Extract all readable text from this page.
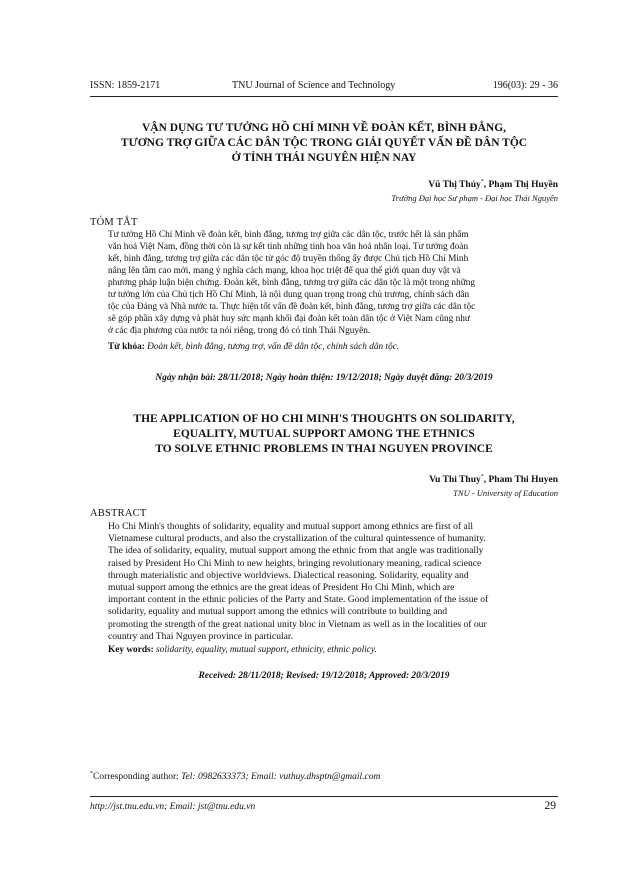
ISSN: 1859-2171	TNU Journal of Science and Technology	196(03): 29 - 36
VẬN DỤNG TƯ TƯỞNG HỒ CHÍ MINH VỀ ĐOÀN KẾT, BÌNH ĐẲNG,
TƯƠNG TRỢ GIỮA CÁC DÂN TỘC TRONG GIẢI QUYẾT VẤN ĐỀ DÂN TỘC
Ở TỈNH THÁI NGUYÊN HIỆN NAY
Vũ Thị Thúy*, Phạm Thị Huyền
Trường Đại học Sư phạm - Đại học Thái Nguyên
TÓM TẮT
Tư tưởng Hồ Chí Minh về đoàn kết, bình đẳng, tương trợ giữa các dân tộc, trước hết là sản phẩm
văn hoá Việt Nam, đồng thời còn là sự kết tinh những tinh hoa văn hoá nhân loại. Tư tưởng đoàn
kết, bình đẳng, tương trợ giữa các dân tộc từ góc độ truyền thống ấy được Chủ tịch Hồ Chí Minh
nâng lên tầm cao mới, mang ý nghĩa cách mạng, khoa học triệt để qua thế giới quan duy vật và
phương pháp luận biện chứng. Đoàn kết, bình đẳng, tương trợ giữa các dân tộc là một trong những
tư tưởng lớn của Chủ tịch Hồ Chí Minh, là nội dung quan trọng trong chủ trương, chính sách dân
tộc của Đảng và Nhà nước ta. Thực hiện tốt vấn đề đoàn kết, bình đẳng, tương trợ giữa các dân tộc
sẽ góp phần xây dựng và phát huy sức mạnh khối đại đoàn kết toàn dân tộc ở Việt Nam cũng như
ở các địa phương của nước ta nói riêng, trong đó có tỉnh Thái Nguyên.
Từ khóa: Đoàn kết, bình đẳng, tương trợ, vấn đề dân tộc, chính sách dân tộc.
Ngày nhận bài: 28/11/2018; Ngày hoàn thiện: 19/12/2018; Ngày duyệt đăng: 20/3/2019
THE APPLICATION OF HO CHI MINH'S THOUGHTS ON SOLIDARITY,
EQUALITY, MUTUAL SUPPORT AMONG THE ETHNICS
TO SOLVE ETHNIC PROBLEMS IN THAI NGUYEN PROVINCE
Vu Thi Thuy*, Pham Thi Huyen
TNU - University of Education
ABSTRACT
Ho Chi Minh's thoughts of solidarity, equality and mutual support among ethnics are first of all
Vietnamese cultural products, and also the crystallization of the cultural quintessence of humanity.
The idea of solidarity, equality, mutual support among the ethnic from that angle was traditionally
raised by President Ho Chi Minh to new heights, bringing revolutionary meaning, radical science
through materialistic and objective worldviews. Dialectical reasoning. Solidarity, equality and
mutual support among the ethnics are the great ideas of President Ho Chi Minh, which are
important content in the ethnic policies of the Party and State. Good implementation of the issue of
solidarity, equality and mutual support among the ethnics will contribute to building and
promoting the strength of the great national unity bloc in Vietnam as well as in the localities of our
country and Thai Nguyen province in particular.
Key words: solidarity, equality, mutual support, ethnicity, ethnic policy.
Received: 28/11/2018; Revised: 19/12/2018; Approved: 20/3/2019
*Corresponding author: Tel: 0982633373; Email: vuthuy.dhsptn@gmail.com
http://jst.tnu.edu.vn; Email: jst@tnu.edu.vn	29
